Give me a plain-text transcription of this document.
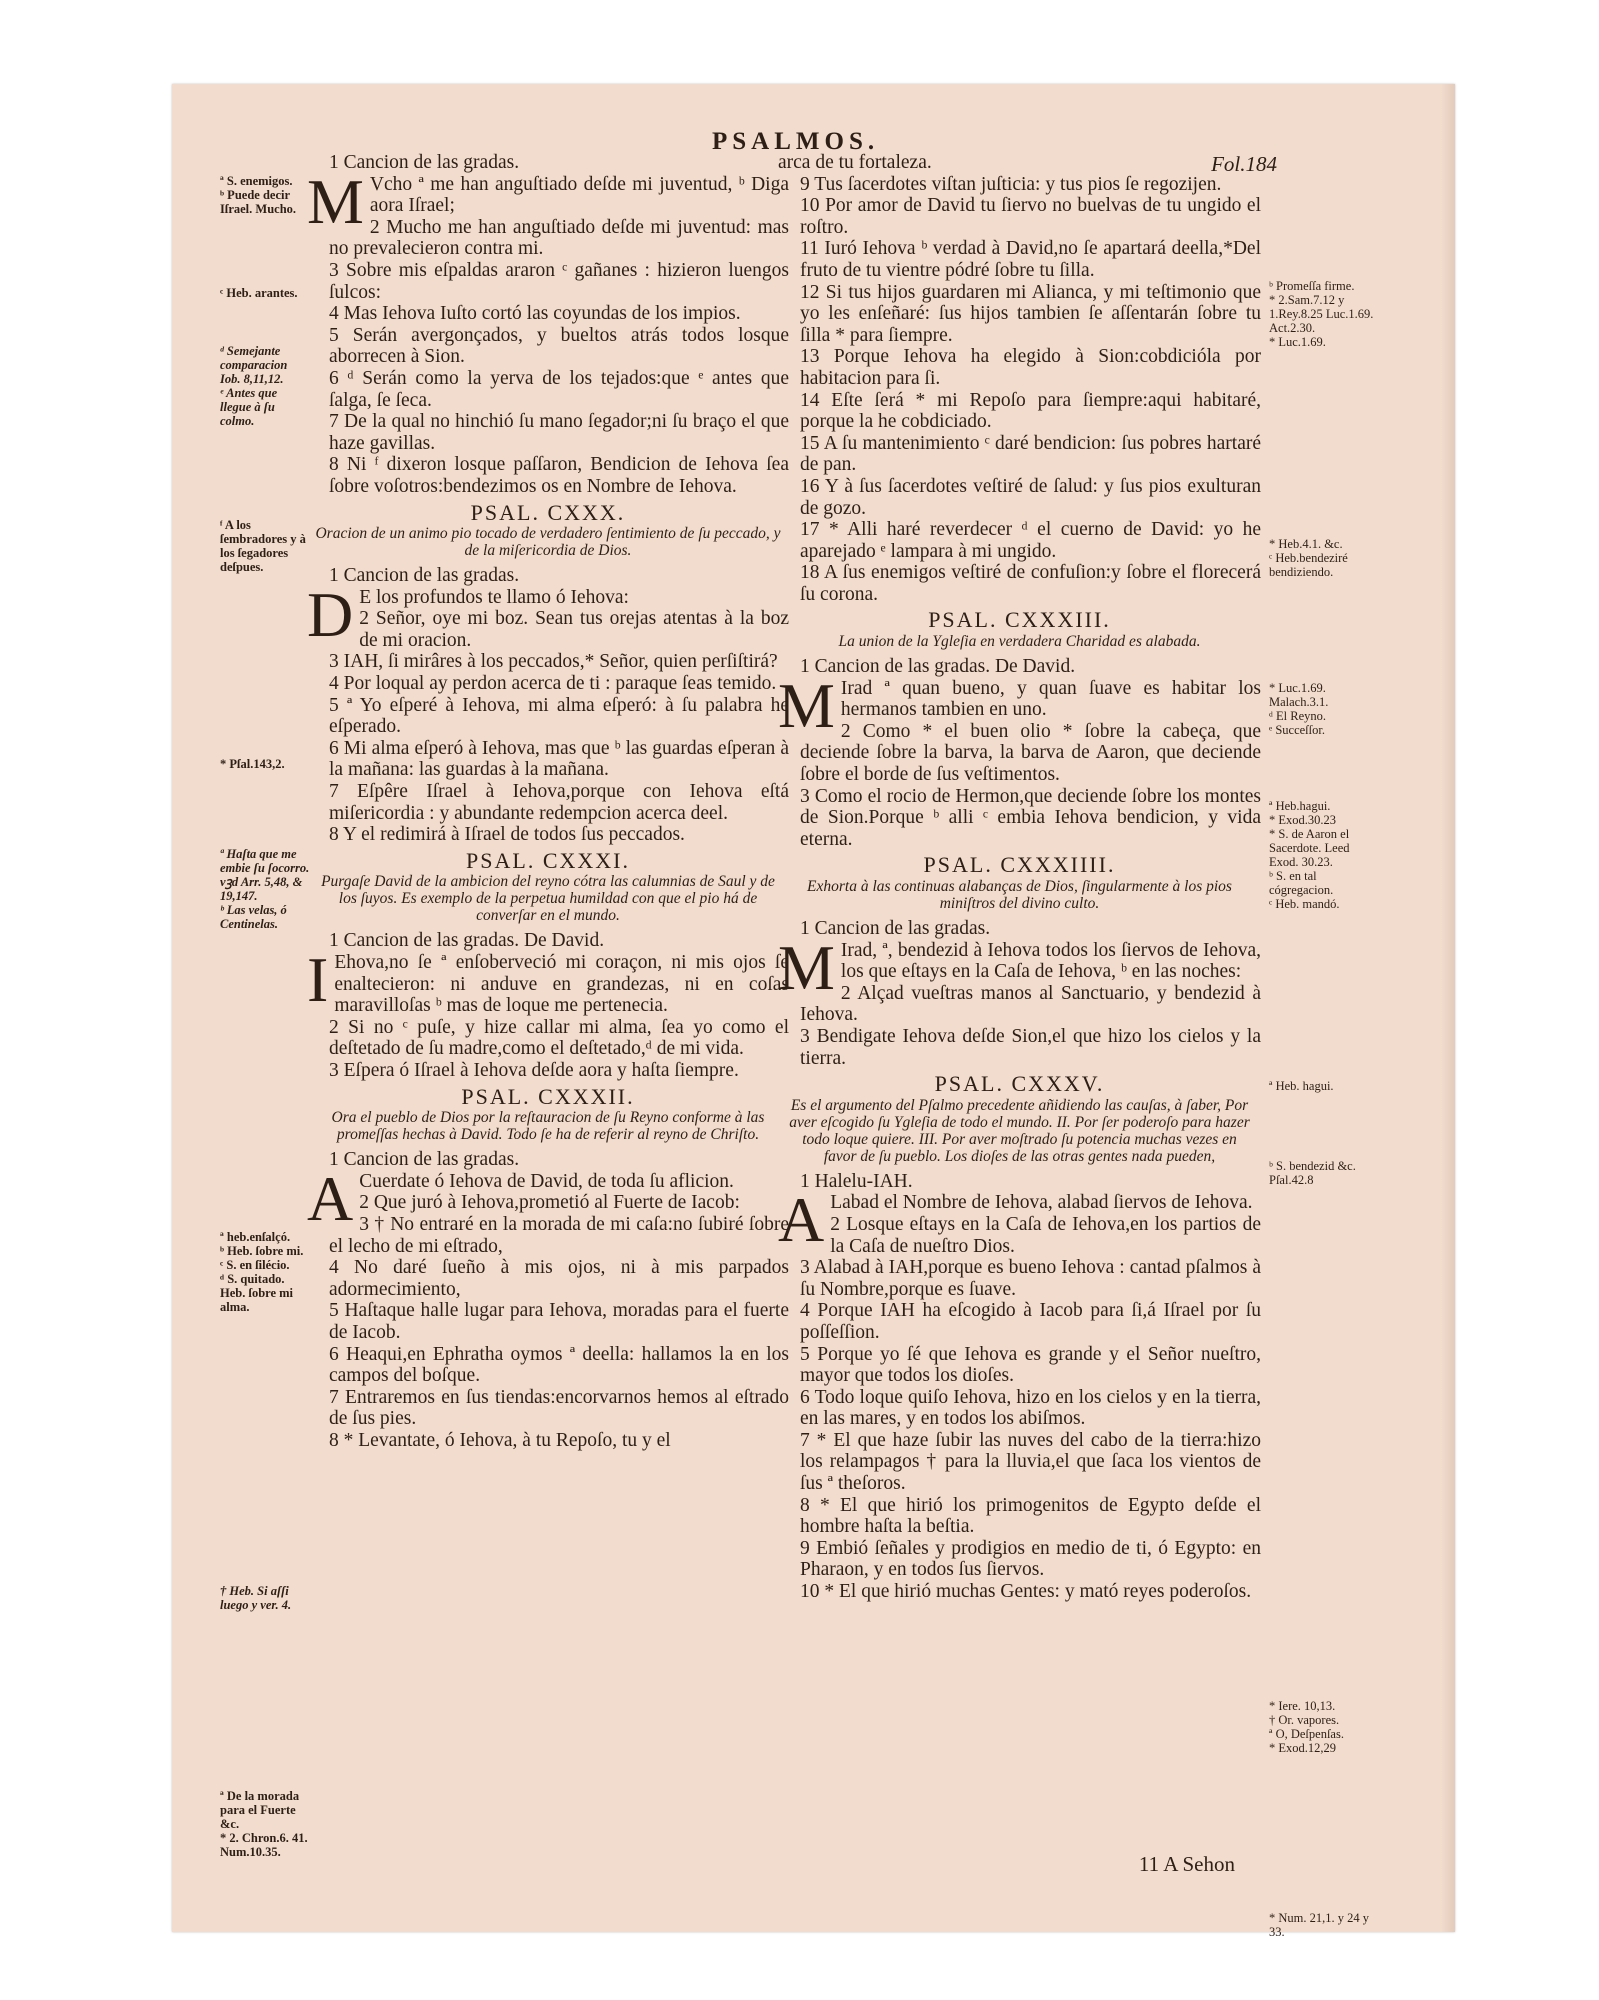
PSALMOS.
Fol.184
ª S. enemigos.
ᵇ Puede decir Iſrael. Mucho.
ᶜ Heb. arantes.
ᵈ Semejante comparacion Iob. 8,11,12.
ᵉ Antes que llegue à ſu colmo.
ᶠ A los ſembradores y à los ſegadores deſpues.
* Pſal.143,2.
ª Haſta que me embie ſu ſocorro. vꝫd Arr. 5,48, & 19,147.
ᵇ Las velas, ó Centinelas.
ª heb.enſalçó.
ᵇ Heb. ſobre mi.
ᶜ S. en ſilécio.
ᵈ S. quitado. Heb. ſobre mi alma.
† Heb. Si aſſi luego y ver. 4.
ª De la morada para el Fuerte &c.
* 2. Chron.6. 41.
Num.10.35.

1 Cancion de las gradas.

M Vcho ª me han anguſtiado deſde mi juventud, ᵇ Diga aora Iſrael;

2 Mucho me han anguſtiado deſde mi juventud: mas no prevalecieron contra mi.

3 Sobre mis eſpaldas araron ᶜ gañanes : hizieron luengos ſulcos:

4 Mas Iehova Iuſto cortó las coyundas de los impios.

5 Serán avergonçados, y bueltos atrás todos losque aborrecen à Sion.

6 ᵈ Serán como la yerva de los tejados:que ᵉ antes que ſalga, ſe ſeca.

7 De la qual no hinchió ſu mano ſegador;ni ſu braço el que haze gavillas.

8 Ni ᶠ dixeron losque paſſaron, Bendicion de Iehova ſea ſobre voſotros:bendezimos os en Nombre de Iehova.

PSAL. CXXX.
Oracion de un animo pio tocado de verdadero ſentimiento de ſu peccado, y de la miſericordia de Dios.

1 Cancion de las gradas.

D E los profundos te llamo ó Iehova:

2 Señor, oye mi boz. Sean tus orejas atentas à la boz de mi oracion.

3 IAH, ſi mirâres à los peccados,* Señor, quien perſiſtirá?

4 Por loqual ay perdon acerca de ti : paraque ſeas temido.

5 ª Yo eſperé à Iehova, mi alma eſperó: à ſu palabra he eſperado.

6 Mi alma eſperó à Iehova, mas que ᵇ las guardas eſperan à la mañana: las guardas à la mañana.

7 Eſpêre Iſrael à Iehova,porque con Iehova eſtá miſericordia : y abundante redempcion acerca deel.

8 Y el redimirá à Iſrael de todos ſus peccados.

PSAL. CXXXI.
Purgaſe David de la ambicion del reyno cótra las calumnias de Saul y de los ſuyos. Es exemplo de la perpetua humildad con que el pio há de converſar en el mundo.

1 Cancion de las gradas. De David.

I Ehova,no ſe ª enſoberveció mi coraçon, ni mis ojos ſe enaltecieron: ni anduve en grandezas, ni en coſas maravilloſas ᵇ mas de loque me pertenecia.

2 Si no ᶜ puſe, y hize callar mi alma, ſea yo como el deſtetado de ſu madre,como el deſtetado,ᵈ de mi vida.

3 Eſpera ó Iſrael à Iehova deſde aora y haſta ſiempre.

PSAL. CXXXII.
Ora el pueblo de Dios por la reſtauracion de ſu Reyno conforme à las promeſſas hechas à David. Todo ſe ha de referir al reyno de Chriſto.

1 Cancion de las gradas.

A Cuerdate ó Iehova de David, de toda ſu aflicion.

2 Que juró à Iehova,prometió al Fuerte de Iacob:

3 † No entraré en la morada de mi caſa:no ſubiré ſobre el lecho de mi eſtrado,

4 No daré ſueño à mis ojos, ni à mis parpados adormecimiento,

5 Haſtaque halle lugar para Iehova, moradas para el fuerte de Iacob.

6 Heaqui,en Ephratha oymos ª deella: hallamos la en los campos del boſque.

7 Entraremos en ſus tiendas:encorvarnos hemos al eſtrado de ſus pies.

8 * Levantate, ó Iehova, à tu Repoſo, tu y el

arca de tu fortaleza.

9 Tus ſacerdotes viſtan juſticia: y tus pios ſe regozijen.

10 Por amor de David tu ſiervo no buelvas de tu ungido el roſtro.

11 Iuró Iehova ᵇ verdad à David,no ſe apartará deella,*Del fruto de tu vientre pódré ſobre tu ſilla.

12 Si tus hijos guardaren mi Alianca, y mi teſtimonio que yo les enſeñaré: ſus hijos tambien ſe aſſentarán ſobre tu ſilla * para ſiempre.

13 Porque Iehova ha elegido à Sion:cobdicióla por habitacion para ſi.

14 Eſte ſerá * mi Repoſo para ſiempre:aqui habitaré, porque la he cobdiciado.

15 A ſu mantenimiento ᶜ daré bendicion: ſus pobres hartaré de pan.

16 Y à ſus ſacerdotes veſtiré de ſalud: y ſus pios exulturan de gozo.

17 * Alli haré reverdecer ᵈ el cuerno de David: yo he aparejado ᵉ lampara à mi ungido.

18 A ſus enemigos veſtiré de confuſion:y ſobre el florecerá ſu corona.

PSAL. CXXXIII.
La union de la Ygleſia en verdadera Charidad es alabada.

1 Cancion de las gradas. De David.

M Irad ª quan bueno, y quan ſuave es habitar los hermanos tambien en uno.

2 Como * el buen olio * ſobre la cabeça, que deciende ſobre la barva, la barva de Aaron, que deciende ſobre el borde de ſus veſtimentos.

3 Como el rocio de Hermon,que deciende ſobre los montes de Sion.Porque ᵇ alli ᶜ embia Iehova bendicion, y vida eterna.

PSAL. CXXXIIII.
Exhorta à las continuas alabanças de Dios, ſingularmente à los pios miniſtros del divino culto.

1 Cancion de las gradas.

M Irad, ª, bendezid à Iehova todos los ſiervos de Iehova, los que eſtays en la Caſa de Iehova, ᵇ en las noches:

2 Alçad vueſtras manos al Sanctuario, y bendezid à Iehova.

3 Bendigate Iehova deſde Sion,el que hizo los cielos y la tierra.

PSAL. CXXXV.
Es el argumento del Pſalmo precedente añidiendo las cauſas, à ſaber, Por aver eſcogido ſu Ygleſia de todo el mundo. II. Por ſer poderoſo para hazer todo loque quiere. III. Por aver moſtrado ſu potencia muchas vezes en favor de ſu pueblo. Los dioſes de las otras gentes nada pueden,

1 Halelu-IAH.

A Labad el Nombre de Iehova, alabad ſiervos de Iehova.

2 Losque eſtays en la Caſa de Iehova,en los partios de la Caſa de nueſtro Dios.

3 Alabad à IAH,porque es bueno Iehova : cantad pſalmos à ſu Nombre,porque es ſuave.

4 Porque IAH ha eſcogido à Iacob para ſi,á Iſrael por ſu poſſeſſion.

5 Porque yo ſé que Iehova es grande y el Señor nueſtro, mayor que todos los dioſes.

6 Todo loque quiſo Iehova, hizo en los cielos y en la tierra, en las mares, y en todos los abiſmos.

7 * El que haze ſubir las nuves del cabo de la tierra:hizo los relampagos † para la lluvia,el que ſaca los vientos de ſus ª theſoros.

8 * El que hirió los primogenitos de Egypto deſde el hombre haſta la beſtia.

9 Embió ſeñales y prodigios en medio de ti, ó Egypto: en Pharaon, y en todos ſus ſiervos.

10 * El que hirió muchas Gentes: y mató reyes poderoſos.

ᵇ Promeſſa firme.
* 2.Sam.7.12 y 1.Rey.8.25 Luc.1.69. Act.2.30.
* Luc.1.69.
* Heb.4.1. &c.
ᶜ Heb.bendeziré bendiziendo.
* Luc.1.69. Malach.3.1.
ᵈ El Reyno.
ᵉ Succeſſor.
ª Heb.hagui.
* Exod.30.23
* S. de Aaron el Sacerdote. Leed Exod. 30.23.
ᵇ S. en tal cógregacion.
ᶜ Heb. mandó.
ª Heb. hagui.
ᵇ S. bendezid &c. Pſal.42.8
* Iere. 10,13.
† Or. vapores.
ª O, Deſpenſas.
* Exod.12,29
* Num. 21,1. y 24 y 33.
11 A Sehon
